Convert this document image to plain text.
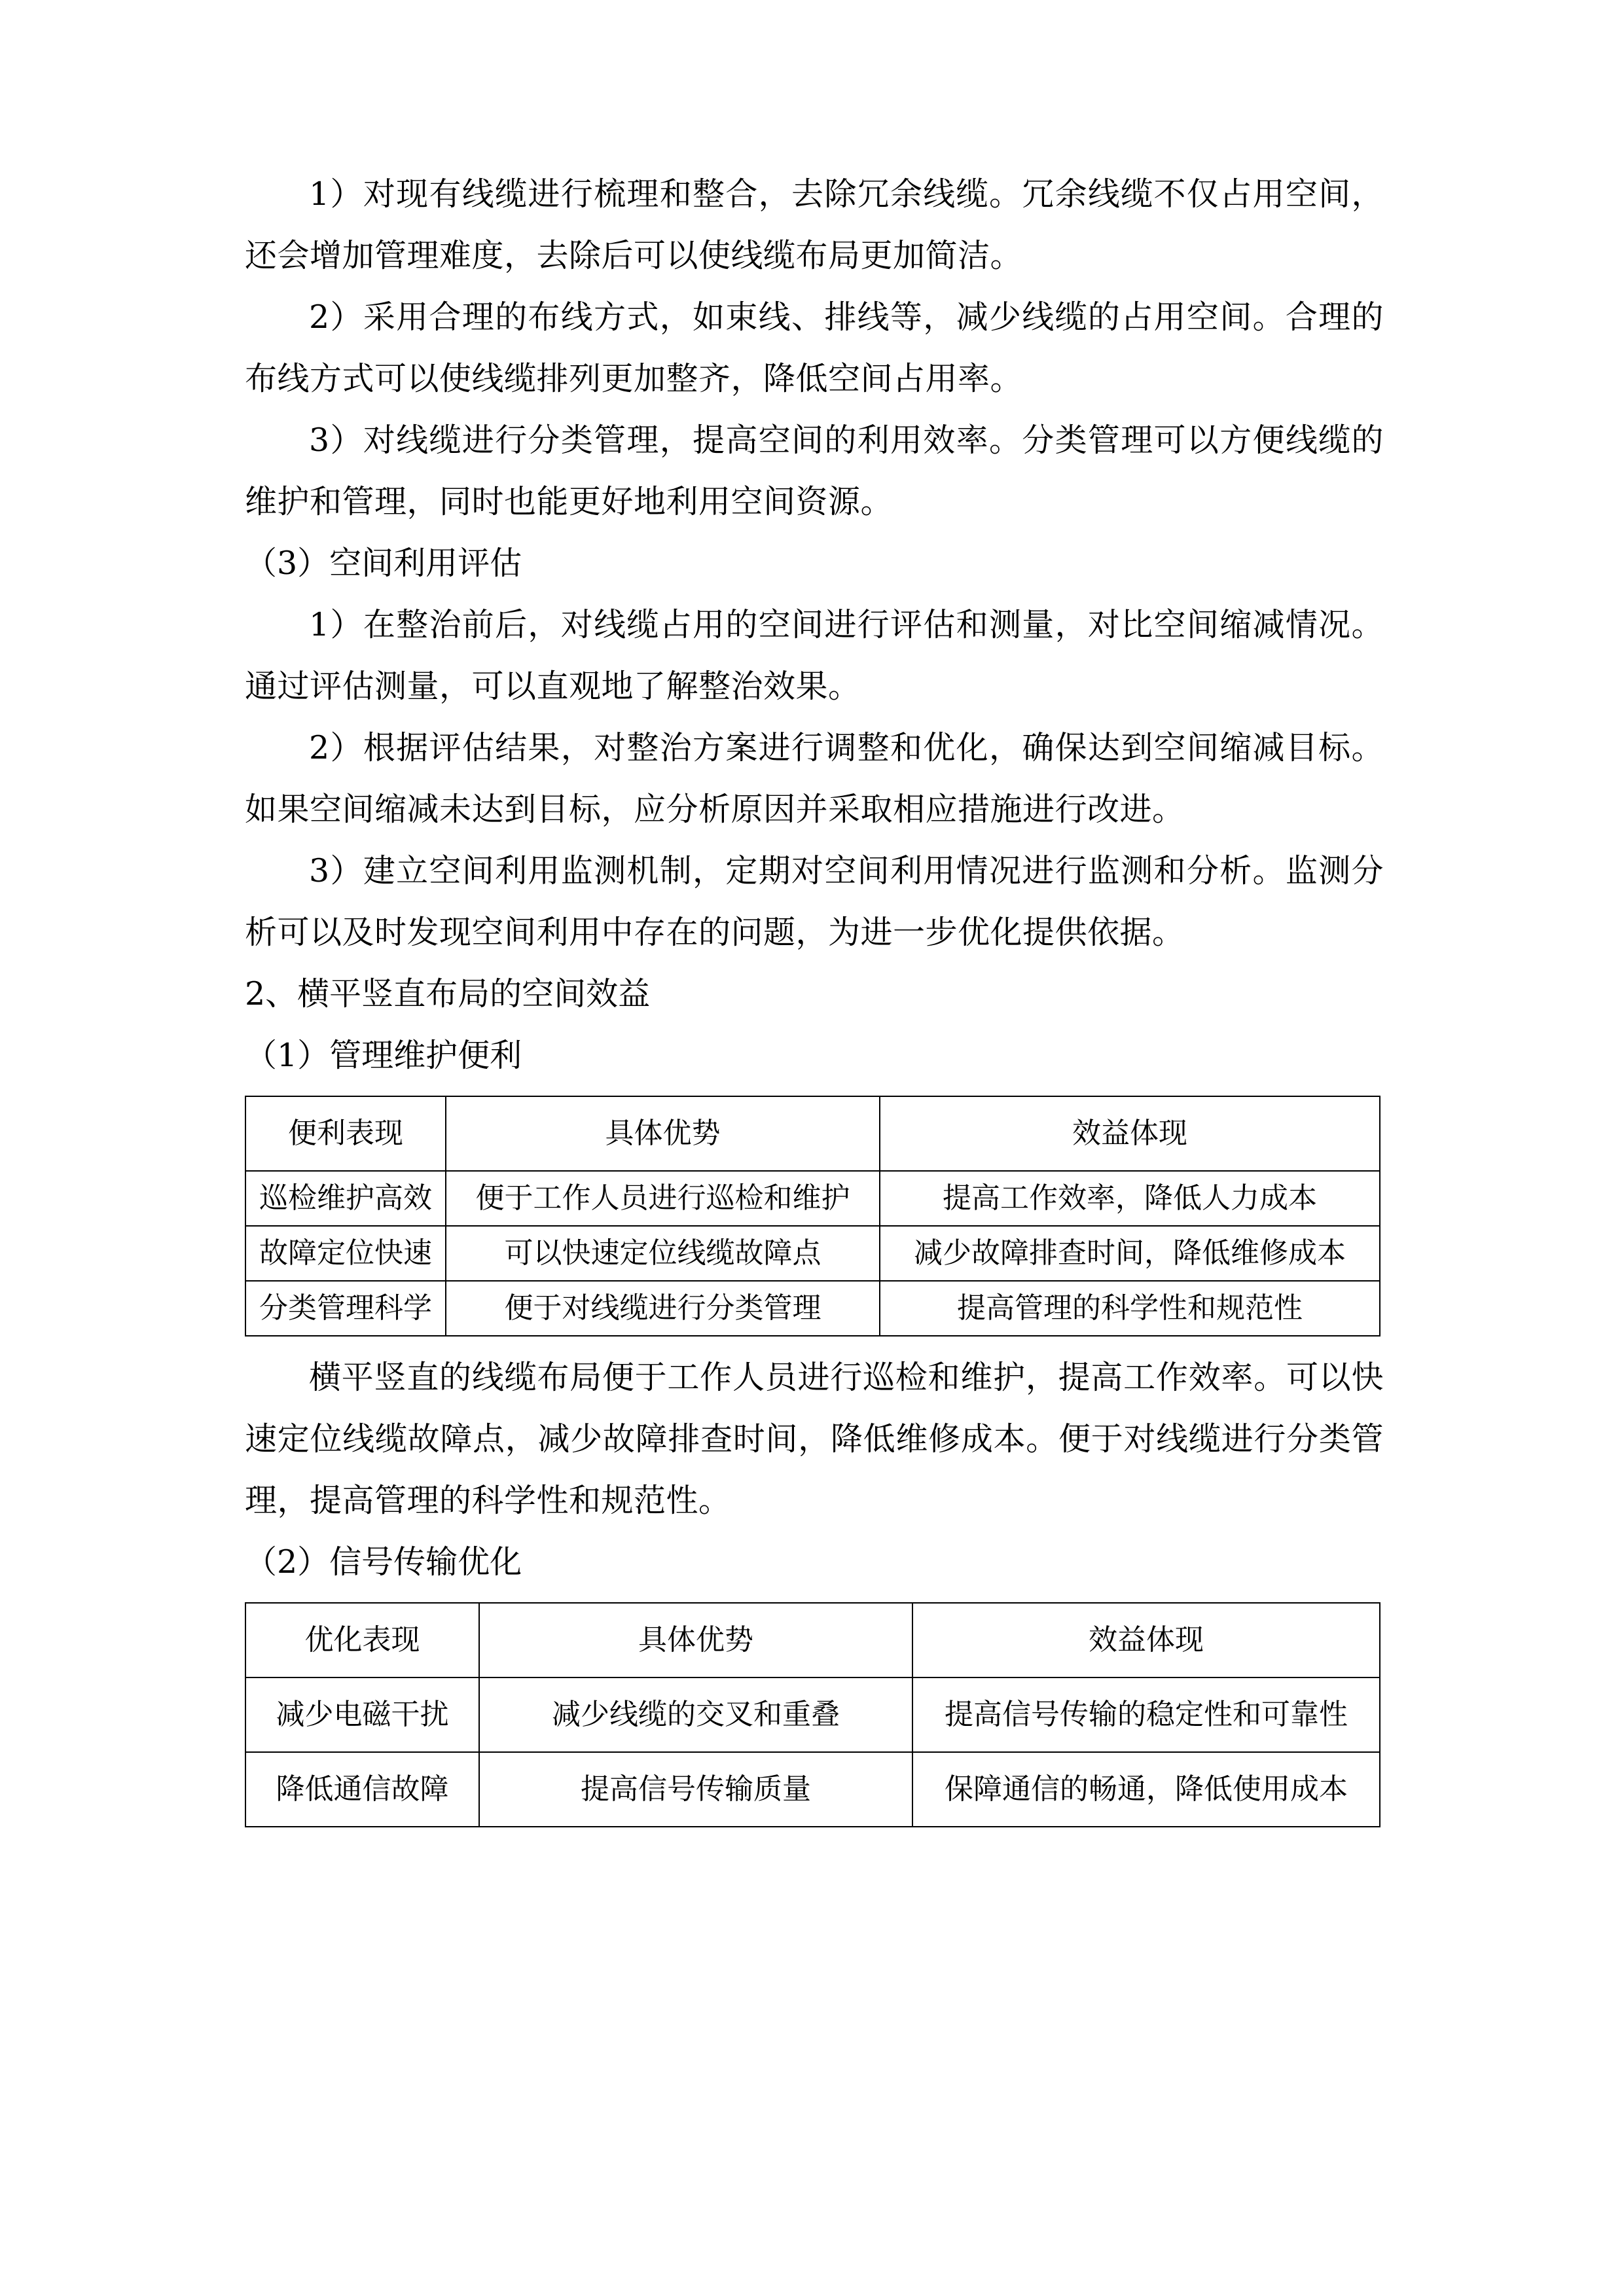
1）对现有线缆进行梳理和整合，去除冗余线缆。冗余线缆不仅占用空间，还会增加管理难度，去除后可以使线缆布局更加简洁。

2）采用合理的布线方式，如束线、排线等，减少线缆的占用空间。合理的布线方式可以使线缆排列更加整齐，降低空间占用率。

3）对线缆进行分类管理，提高空间的利用效率。分类管理可以方便线缆的维护和管理，同时也能更好地利用空间资源。

（3）空间利用评估

1）在整治前后，对线缆占用的空间进行评估和测量，对比空间缩减情况。通过评估测量，可以直观地了解整治效果。

2）根据评估结果，对整治方案进行调整和优化，确保达到空间缩减目标。如果空间缩减未达到目标，应分析原因并采取相应措施进行改进。

3）建立空间利用监测机制，定期对空间利用情况进行监测和分析。监测分析可以及时发现空间利用中存在的问题，为进一步优化提供依据。

2、横平竖直布局的空间效益

（1）管理维护便利

便利表现	具体优势	效益体现
巡检维护高效	便于工作人员进行巡检和维护	提高工作效率，降低人力成本
故障定位快速	可以快速定位线缆故障点	减少故障排查时间，降低维修成本
分类管理科学	便于对线缆进行分类管理	提高管理的科学性和规范性

横平竖直的线缆布局便于工作人员进行巡检和维护，提高工作效率。可以快速定位线缆故障点，减少故障排查时间，降低维修成本。便于对线缆进行分类管理，提高管理的科学性和规范性。

（2）信号传输优化

优化表现	具体优势	效益体现
减少电磁干扰	减少线缆的交叉和重叠	提高信号传输的稳定性和可靠性
降低通信故障	提高信号传输质量	保障通信的畅通，降低使用成本
